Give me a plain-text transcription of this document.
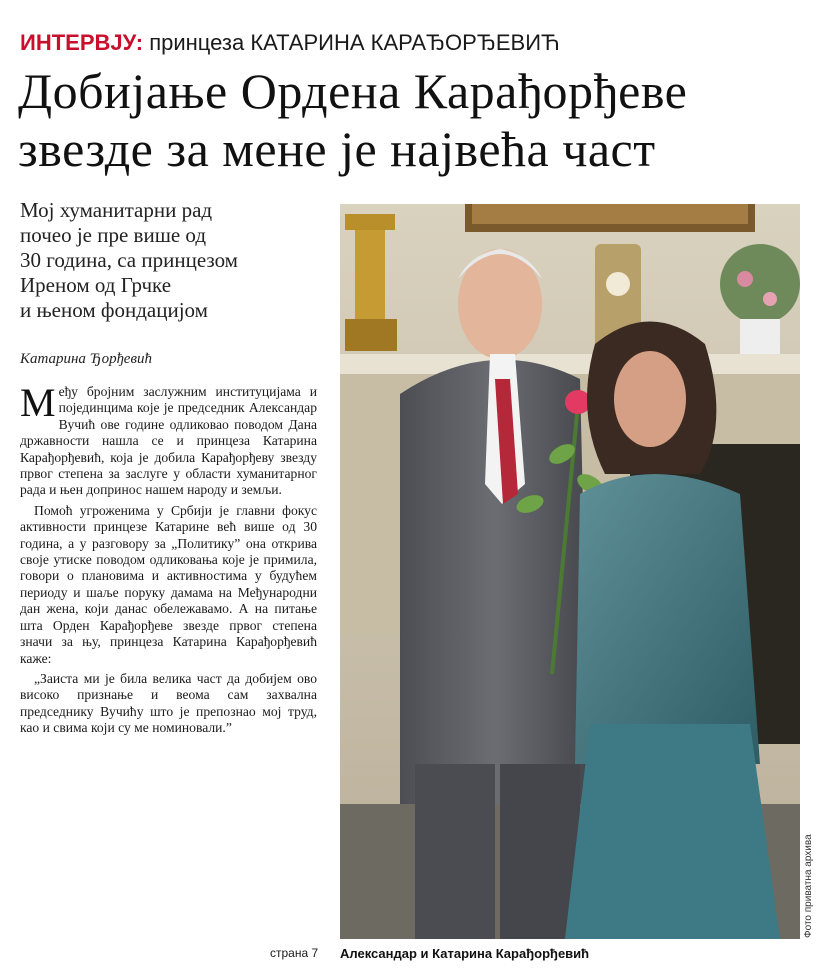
ИНТЕРВЈУ: принцеза КАТАРИНА КАРАЂОРЂЕВИЋ
Добијање Ордена Карађорђеве
звезде за мене је највећа част
Мој хуманитарни рад
почео је пре више од
30 година, са принцезом
Ирeном од Грчке
и њеном фондацијом
Катарина Ђорђевић

Међу бројним заслужним институцијама и појединцима које је председник Александар Вучић ове године одликовао поводом Дана државности нашла се и принцеза Катарина Карађорђевић, која је добила Карађорђеву звезду првог степена за заслуге у области хуманитарног рада и њен допринос нашем народу и земљи.

Помоћ угроженима у Србији је главни фокус активности принцезе Катарине већ више од 30 година, а у разговору за „Политику” она открива своје утиске поводом одликовања које је примила, говори о плановима и активностима у будућем периоду и шаље поруку дамама на Међународни дан жена, који данас обележавамо. А на питање шта Орден Карађорђеве звезде првог степена значи за њу, принцеза Катарина Карађорђевић каже:

„Заиста ми је била велика част да добијем ово високо признање и веома сам захвална председнику Вучићу што је препознао мој труд, као и свима који су ме номиновали.”

страна 7
Фото приватна архива
Александар и Катарина Карађорђевић
